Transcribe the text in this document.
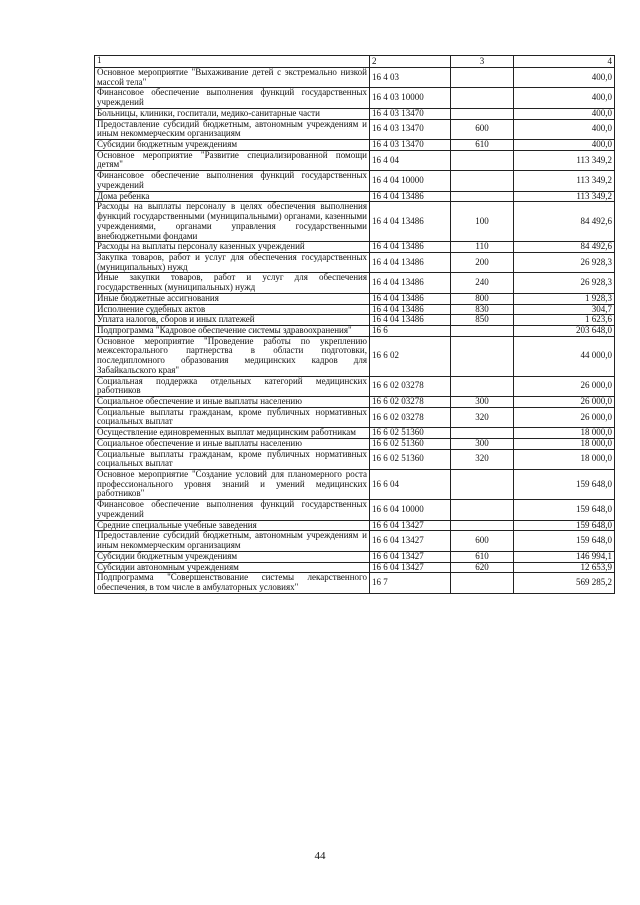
1	2	3	4
Основное мероприятие "Выхаживание детей с экстремально низкой массой тела"	16 4 03		400,0
Финансовое обеспечение выполнения функций государственных учреждений	16 4 03 10000		400,0
Больницы, клиники, госпитали, медико-санитарные части	16 4 03 13470		400,0
Предоставление субсидий бюджетным, автономным учреждениям и иным некоммерческим организациям	16 4 03 13470	600	400,0
Субсидии бюджетным учреждениям	16 4 03 13470	610	400,0
Основное мероприятие "Развитие специализированной помощи детям"	16 4 04		113 349,2
Финансовое обеспечение выполнения функций государственных учреждений	16 4 04 10000		113 349,2
Дома ребенка	16 4 04 13486		113 349,2
Расходы на выплаты персоналу в целях обеспечения выполнения функций государственными (муниципальными) органами, казенными учреждениями, органами управления государственными внебюджетными фондами	16 4 04 13486	100	84 492,6
Расходы на выплаты персоналу казенных учреждений	16 4 04 13486	110	84 492,6
Закупка товаров, работ и услуг для обеспечения государственных (муниципальных) нужд	16 4 04 13486	200	26 928,3
Иные закупки товаров, работ и услуг для обеспечения государственных (муниципальных) нужд	16 4 04 13486	240	26 928,3
Иные бюджетные ассигнования	16 4 04 13486	800	1 928,3
Исполнение судебных актов	16 4 04 13486	830	304,7
Уплата налогов, сборов и иных платежей	16 4 04 13486	850	1 623,6
Подпрограмма "Кадровое обеспечение системы здравоохранения"	16 6		203 648,0
Основное мероприятие "Проведение работы по укреплению межсекторального партнерства в области подготовки, последипломного образования медицинских кадров для Забайкальского края"	16 6 02		44 000,0
Социальная поддержка отдельных категорий медицинских работников	16 6 02 03278		26 000,0
Социальное обеспечение и иные выплаты населению	16 6 02 03278	300	26 000,0
Социальные выплаты гражданам, кроме публичных нормативных социальных выплат	16 6 02 03278	320	26 000,0
Осуществление единовременных выплат медицинским работникам	16 6 02 51360		18 000,0
Социальное обеспечение и иные выплаты населению	16 6 02 51360	300	18 000,0
Социальные выплаты гражданам, кроме публичных нормативных социальных выплат	16 6 02 51360	320	18 000,0
Основное мероприятие "Создание условий для планомерного роста профессионального уровня знаний и умений медицинских работников"	16 6 04		159 648,0
Финансовое обеспечение выполнения функций государственных учреждений	16 6 04 10000		159 648,0
Средние специальные учебные заведения	16 6 04 13427		159 648,0
Предоставление субсидий бюджетным, автономным учреждениям и иным некоммерческим организациям	16 6 04 13427	600	159 648,0
Субсидии бюджетным учреждениям	16 6 04 13427	610	146 994,1
Субсидии автономным учреждениям	16 6 04 13427	620	12 653,9
Подпрограмма "Совершенствование системы лекарственного обеспечения, в том числе в амбулаторных условиях"	16 7		569 285,2
44
